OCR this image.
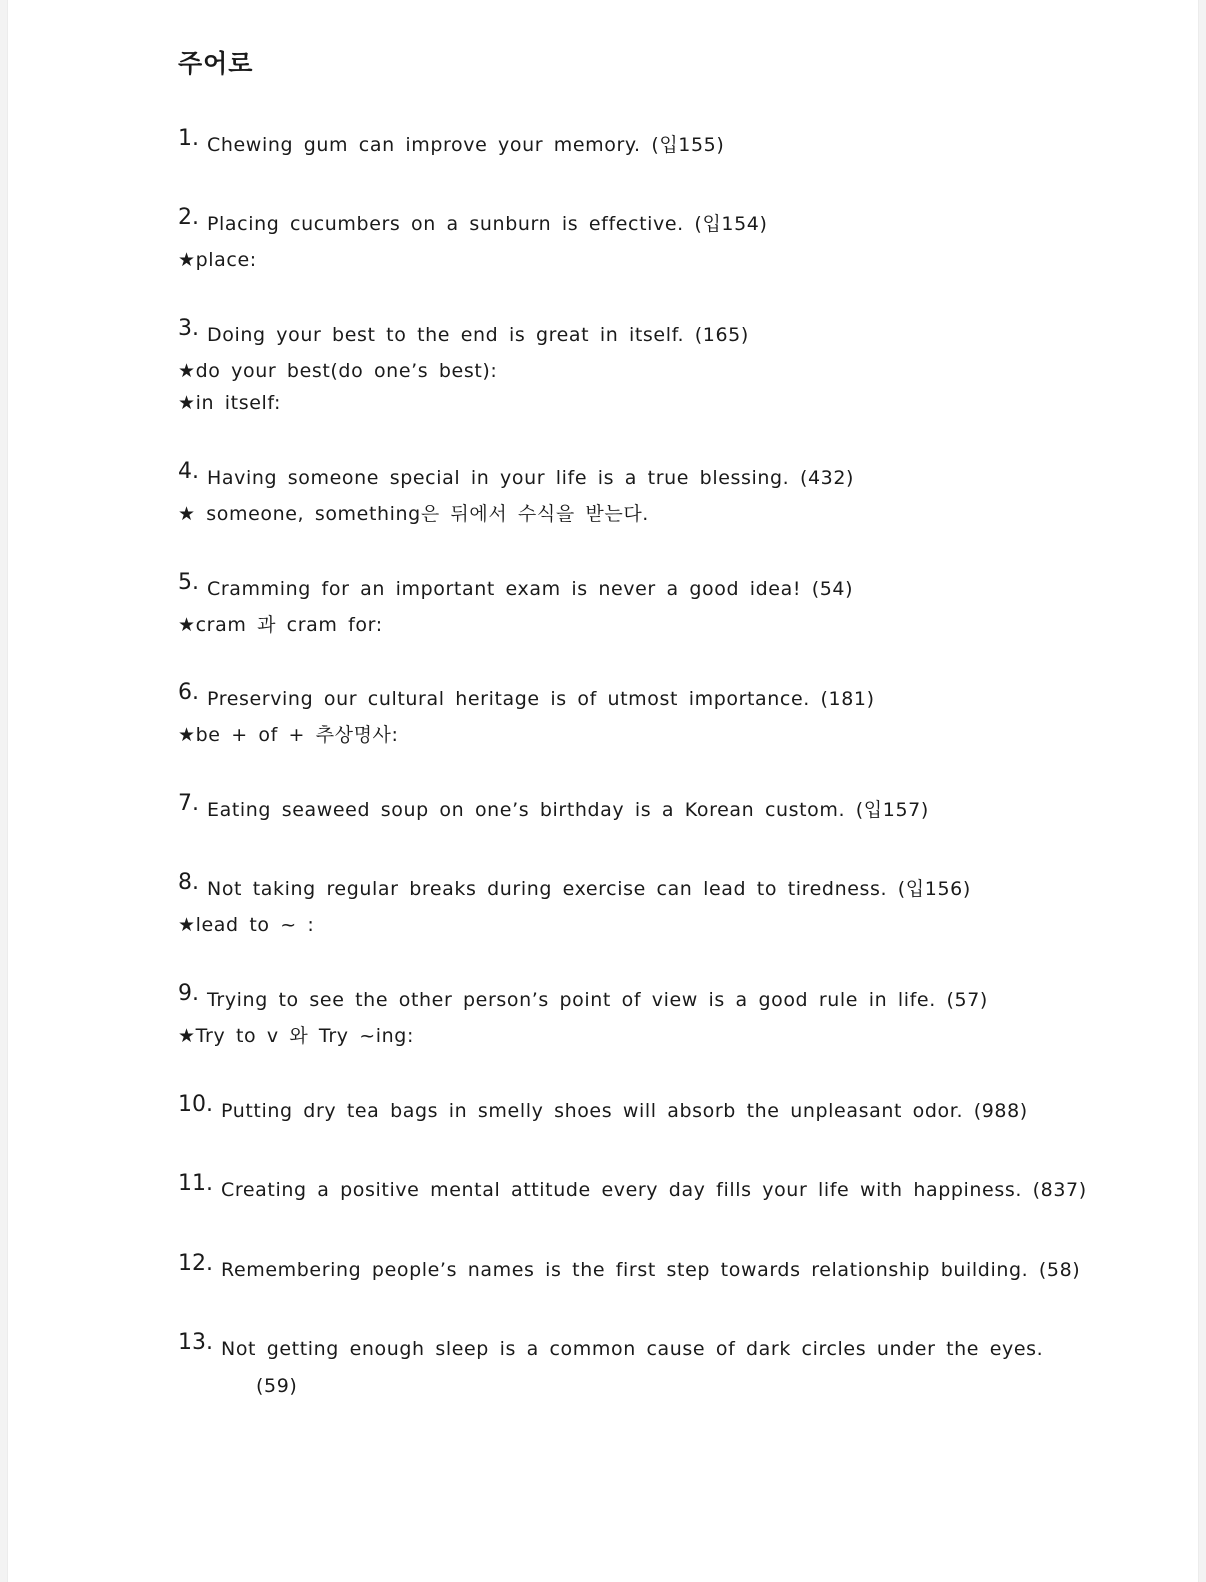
주어로
1. Chewing gum can improve your memory. (입155)
2. Placing cucumbers on a sunburn is effective. (입154)
★place:
3. Doing your best to the end is great in itself. (165)
★do your best(do one’s best):
★in itself:
4. Having someone special in your life is a true blessing. (432)
★ someone, something은 뒤에서 수식을 받는다.
5. Cramming for an important exam is never a good idea! (54)
★cram 과 cram for:
6. Preserving our cultural heritage is of utmost importance. (181)
★be + of + 추상명사:
7. Eating seaweed soup on one’s birthday is a Korean custom. (입157)
8. Not taking regular breaks during exercise can lead to tiredness. (입156)
★lead to ~ :
9. Trying to see the other person’s point of view is a good rule in life. (57)
★Try to v 와 Try ~ing:
10. Putting dry tea bags in smelly shoes will absorb the unpleasant odor. (988)
11. Creating a positive mental attitude every day fills your life with happiness. (837)
12. Remembering people’s names is the first step towards relationship building. (58)
13. Not getting enough sleep is a common cause of dark circles under the eyes.
(59)
